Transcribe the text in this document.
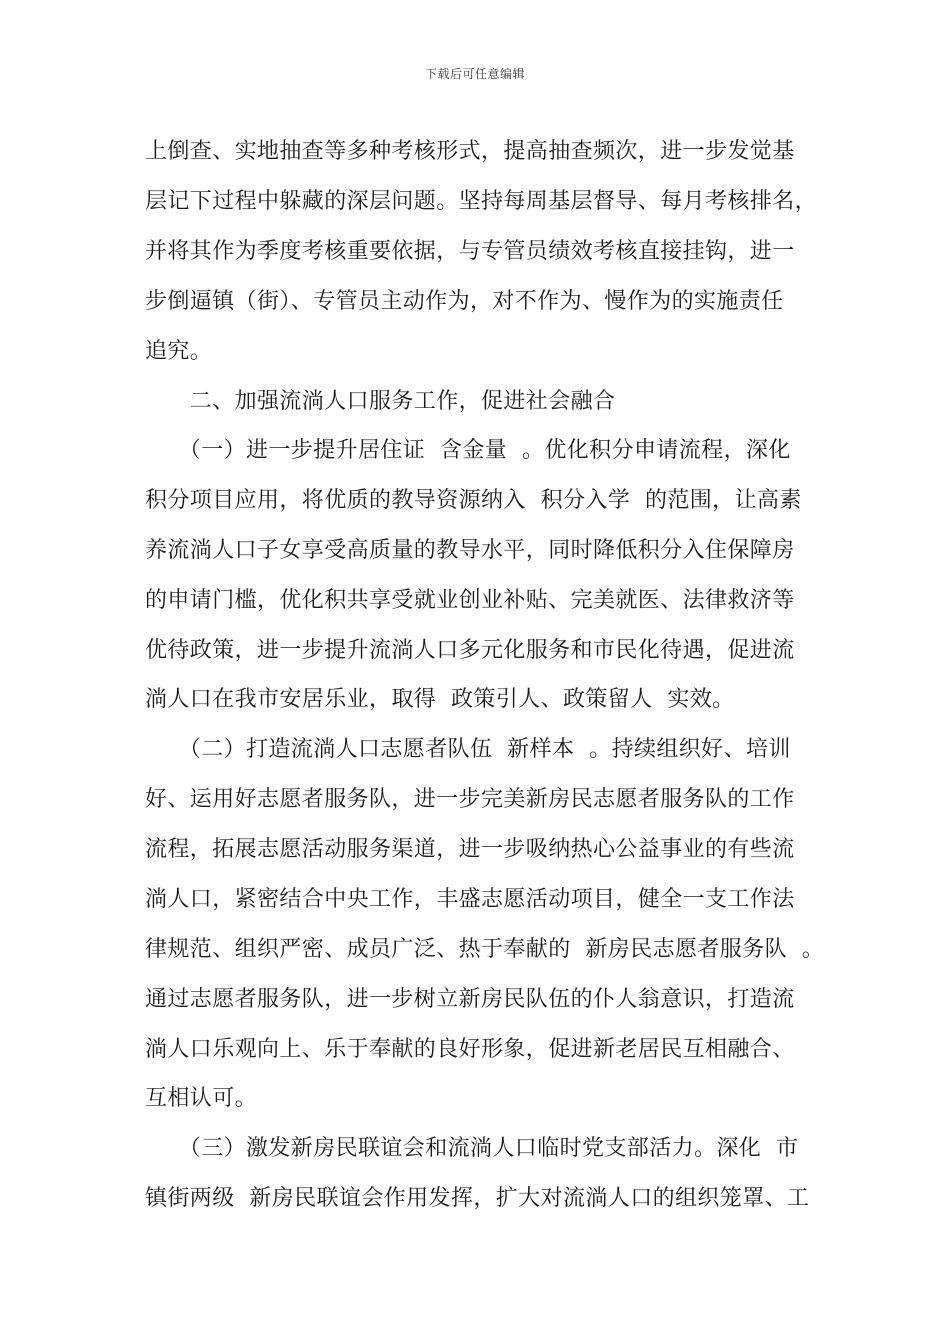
下载后可任意编辑
上倒查、实地抽查等多种考核形式，提高抽查频次，进一步发觉基
层记下过程中躲藏的深层问题。坚持每周基层督导、每月考核排名，
并将其作为季度考核重要依据，与专管员绩效考核直接挂钩，进一
步倒逼镇（街）、专管员主动作为，对不作为、慢作为的实施责任
追究。
　　二、加强流淌人口服务工作，促进社会融合
　　（一）进一步提升居住证  含金量  。优化积分申请流程，深化
积分项目应用，将优质的教导资源纳入  积分入学  的范围，让高素
养流淌人口子女享受高质量的教导水平，同时降低积分入住保障房
的申请门槛，优化积共享受就业创业补贴、完美就医、法律救济等
优待政策，进一步提升流淌人口多元化服务和市民化待遇，促进流
淌人口在我市安居乐业，取得  政策引人、政策留人  实效。
　　（二）打造流淌人口志愿者队伍  新样本  。持续组织好、培训
好、运用好志愿者服务队，进一步完美新房民志愿者服务队的工作
流程，拓展志愿活动服务渠道，进一步吸纳热心公益事业的有些流
淌人口，紧密结合中央工作，丰盛志愿活动项目，健全一支工作法
律规范、组织严密、成员广泛、热于奉献的  新房民志愿者服务队  。
通过志愿者服务队，进一步树立新房民队伍的仆人翁意识，打造流
淌人口乐观向上、乐于奉献的良好形象，促进新老居民互相融合、
互相认可。
　　（三）激发新房民联谊会和流淌人口临时党支部活力。深化  市
镇街两级  新房民联谊会作用发挥，扩大对流淌人口的组织笼罩、工
